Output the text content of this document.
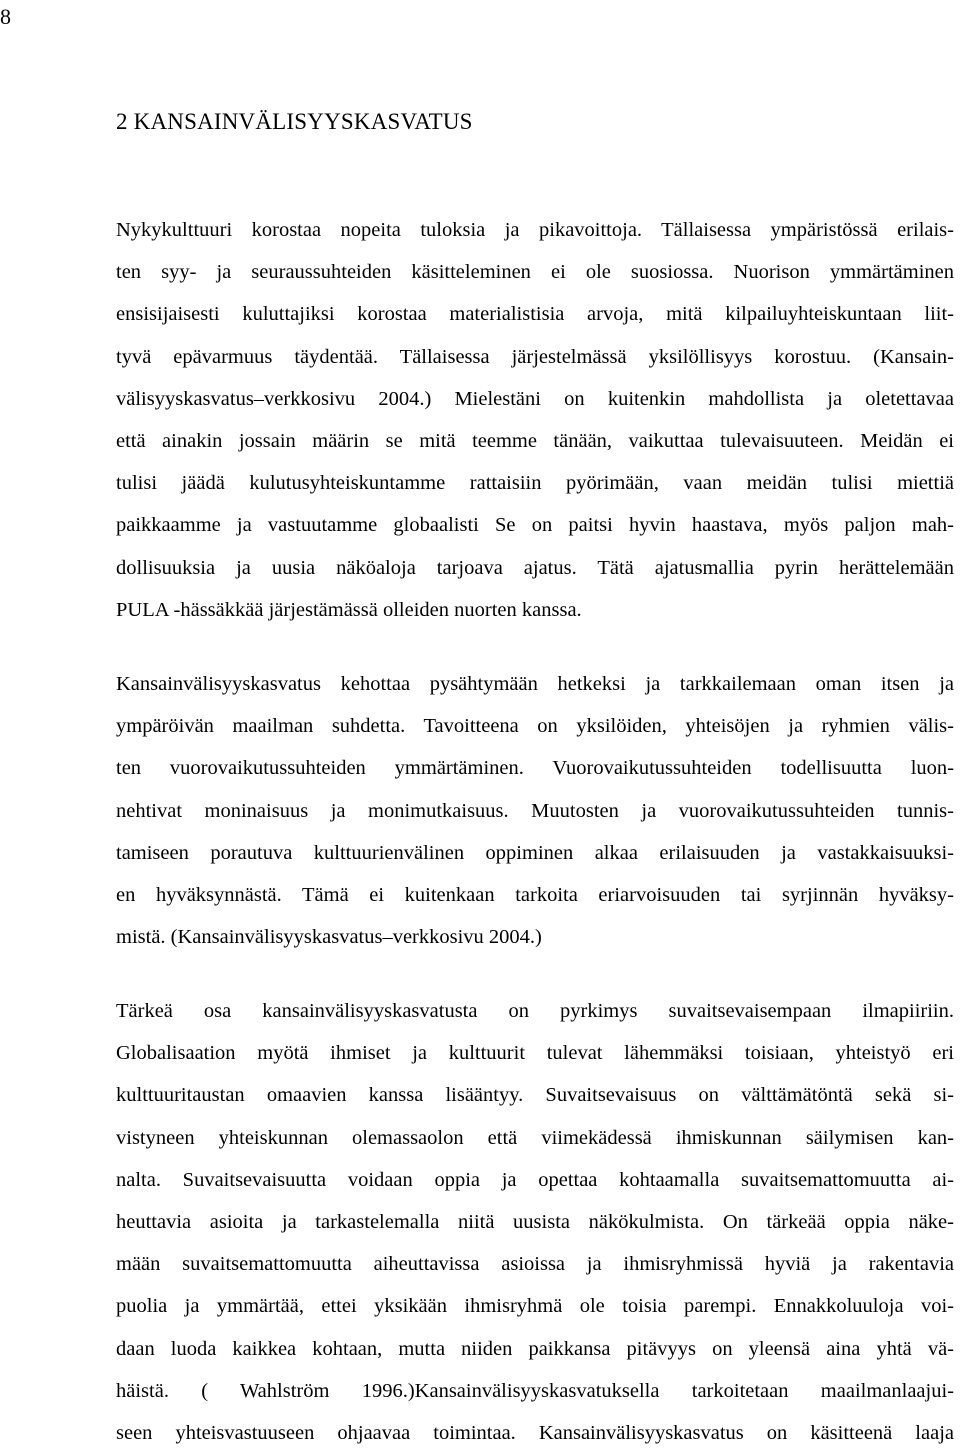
8
2 KANSAINVÄLISYYSKASVATUS
Nykykulttuuri korostaa nopeita tuloksia ja pikavoittoja. Tällaisessa ympäristössä erilais-
ten syy- ja seuraussuhteiden käsitteleminen ei ole suosiossa. Nuorison ymmärtäminen
ensisijaisesti kuluttajiksi korostaa materialistisia arvoja, mitä kilpailuyhteiskuntaan liit-
tyvä epävarmuus täydentää. Tällaisessa järjestelmässä yksilöllisyys korostuu. (Kansain-
välisyyskasvatus–verkkosivu 2004.) Mielestäni on kuitenkin mahdollista ja oletettavaa
että ainakin jossain määrin se mitä teemme tänään, vaikuttaa tulevaisuuteen. Meidän ei
tulisi jäädä kulutusyhteiskuntamme rattaisiin pyörimään, vaan meidän tulisi miettiä
paikkaamme ja vastuutamme globaalisti Se on paitsi hyvin haastava, myös paljon mah-
dollisuuksia ja uusia näköaloja tarjoava ajatus. Tätä ajatusmallia pyrin herättelemään
PULA -hässäkkää järjestämässä olleiden nuorten kanssa.
Kansainvälisyyskasvatus kehottaa pysähtymään hetkeksi ja tarkkailemaan oman itsen ja
ympäröivän maailman suhdetta. Tavoitteena on yksilöiden, yhteisöjen ja ryhmien välis-
ten vuorovaikutussuhteiden ymmärtäminen. Vuorovaikutussuhteiden todellisuutta luon-
nehtivat moninaisuus ja monimutkaisuus. Muutosten ja vuorovaikutussuhteiden tunnis-
tamiseen porautuva kulttuurienvälinen oppiminen alkaa erilaisuuden ja vastakkaisuuksi-
en hyväksynnästä. Tämä ei kuitenkaan tarkoita eriarvoisuuden tai syrjinnän hyväksy-
mistä. (Kansainvälisyyskasvatus–verkkosivu 2004.)
Tärkeä osa kansainvälisyyskasvatusta on pyrkimys suvaitsevaisempaan ilmapiiriin.
Globalisaation myötä ihmiset ja kulttuurit tulevat lähemmäksi toisiaan, yhteistyö eri
kulttuuritaustan omaavien kanssa lisääntyy. Suvaitsevaisuus on välttämätöntä sekä si-
vistyneen yhteiskunnan olemassaolon että viimekädessä ihmiskunnan säilymisen kan-
nalta. Suvaitsevaisuutta voidaan oppia ja opettaa kohtaamalla suvaitsemattomuutta ai-
heuttavia asioita ja tarkastelemalla niitä uusista näkökulmista. On tärkeää oppia näke-
mään suvaitsemattomuutta aiheuttavissa asioissa ja ihmisryhmissä hyviä ja rakentavia
puolia ja ymmärtää, ettei yksikään ihmisryhmä ole toisia parempi. Ennakkoluuloja voi-
daan luoda kaikkea kohtaan, mutta niiden paikkansa pitävyys on yleensä aina yhtä vä-
häistä. ( Wahlström 1996.)Kansainvälisyyskasvatuksella tarkoitetaan maailmanlaajui-
seen yhteisvastuuseen ohjaavaa toimintaa. Kansainvälisyyskasvatus on käsitteenä laaja
